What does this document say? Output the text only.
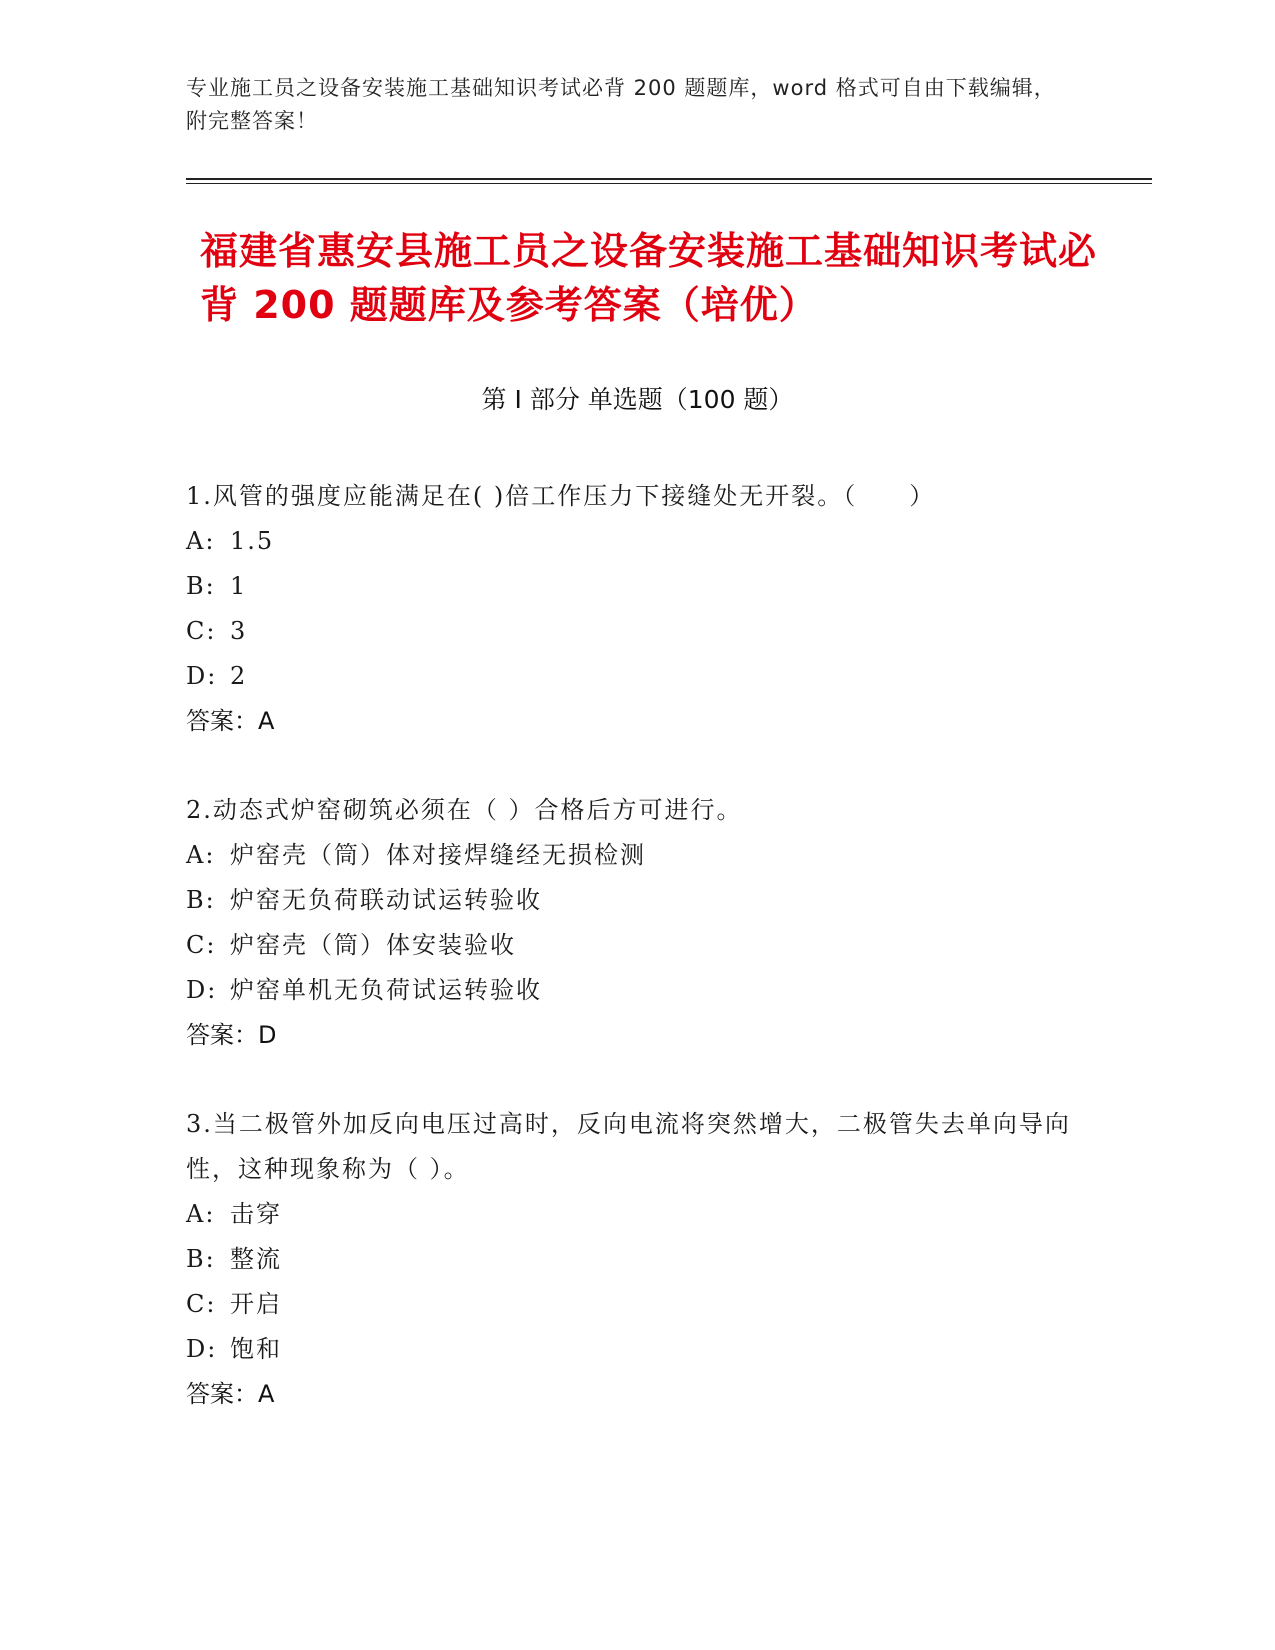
专业施工员之设备安装施工基础知识考试必背 200 题题库，word 格式可自由下载编辑，附完整答案！
福建省惠安县施工员之设备安装施工基础知识考试必背 200 题题库及参考答案（培优）
第 I 部分 单选题（100 题）

1.风管的强度应能满足在( )倍工作压力下接缝处无开裂。（　　）

A: 1.5

B: 1

C: 3

D: 2

答案：A

2.动态式炉窑砌筑必须在（ ）合格后方可进行。

A: 炉窑壳（筒）体对接焊缝经无损检测

B: 炉窑无负荷联动试运转验收

C: 炉窑壳（筒）体安装验收

D: 炉窑单机无负荷试运转验收

答案：D

3.当二极管外加反向电压过高时，反向电流将突然增大，二极管失去单向导向性，这种现象称为（ ）。

A: 击穿

B: 整流

C: 开启

D: 饱和

答案：A
